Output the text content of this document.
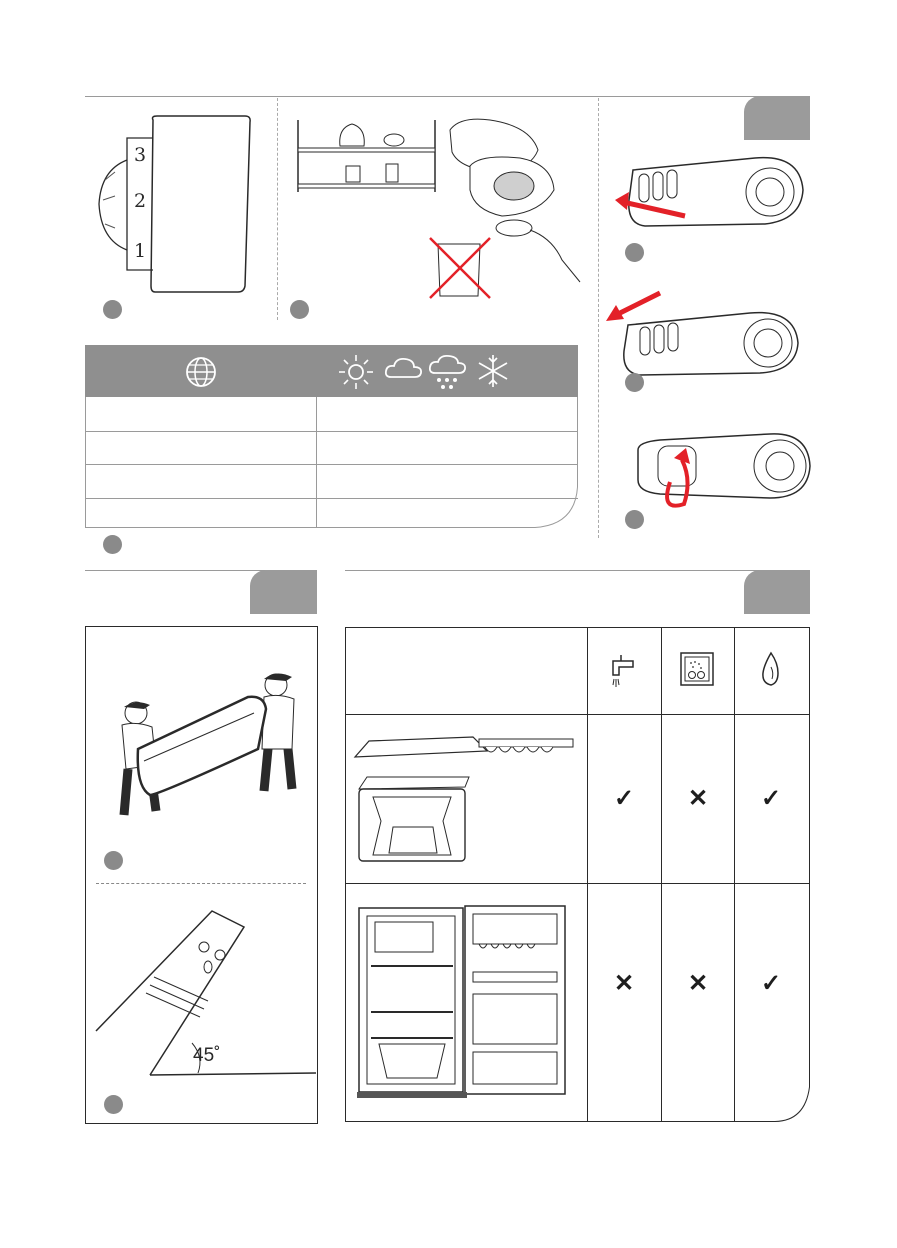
3
2
1
45˚
✓	✕	✓
✕	✕	✓
